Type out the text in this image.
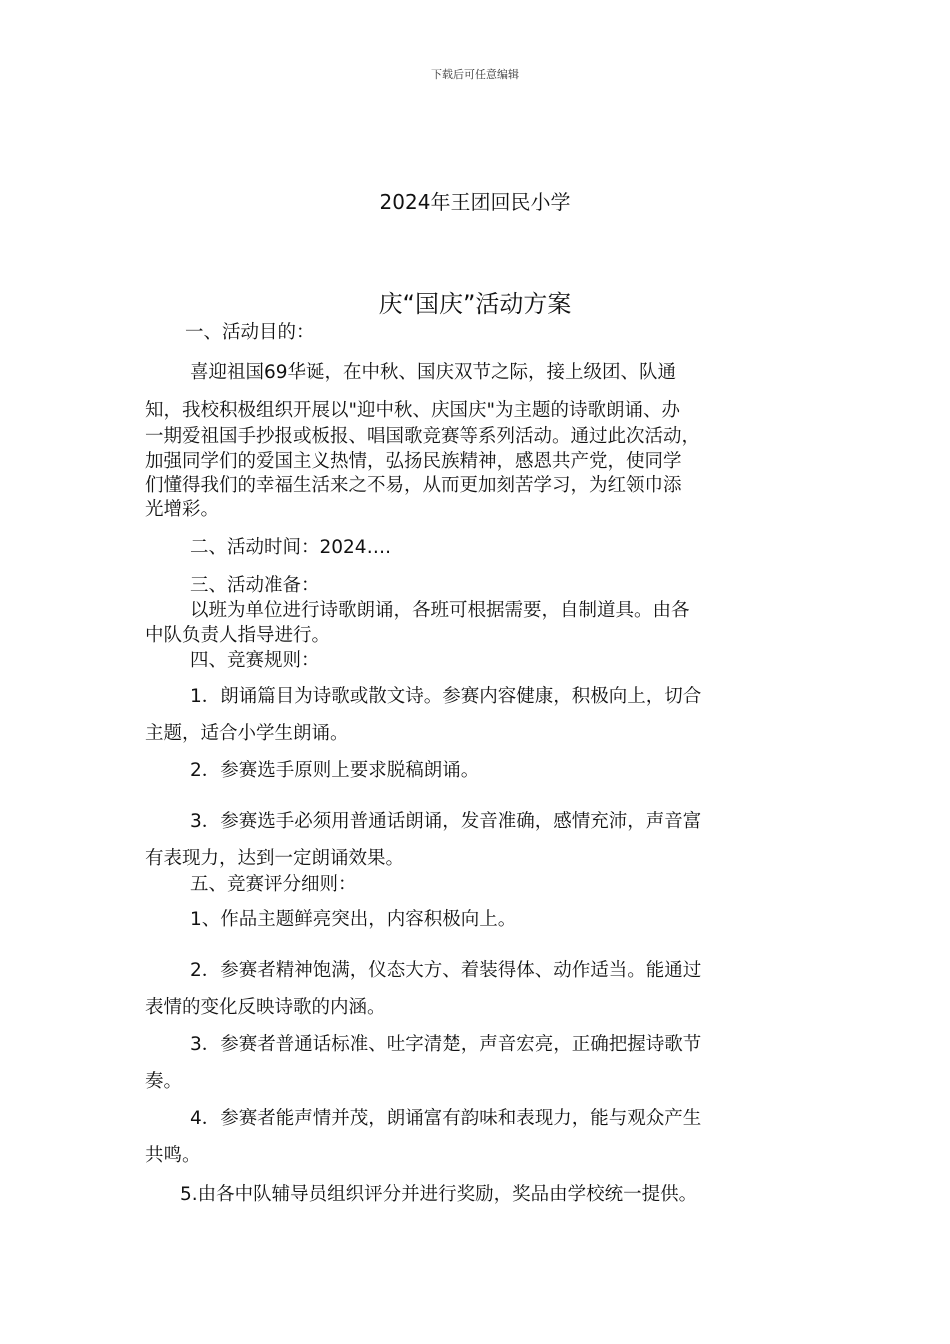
下载后可任意编辑

2024年王团回民小学
庆“国庆”活动方案

一、活动目的：

喜迎祖国69华诞，在中秋、国庆双节之际，接上级团、队通

知，我校积极组织开展以"迎中秋、庆国庆"为主题的诗歌朗诵、办

一期爱祖国手抄报或板报、唱国歌竞赛等系列活动。通过此次活动，

加强同学们的爱国主义热情，弘扬民族精神，感恩共产党，使同学

们懂得我们的幸福生活来之不易，从而更加刻苦学习，为红领巾添

光增彩。

二、活动时间：2024….

三、活动准备：

以班为单位进行诗歌朗诵，各班可根据需要，自制道具。由各

中队负责人指导进行。

四、竞赛规则：

1．朗诵篇目为诗歌或散文诗。参赛内容健康，积极向上，切合

主题，适合小学生朗诵。

2．参赛选手原则上要求脱稿朗诵。

3．参赛选手必须用普通话朗诵，发音准确，感情充沛，声音富

有表现力，达到一定朗诵效果。

五、竞赛评分细则：

1、作品主题鲜亮突出，内容积极向上。

2．参赛者精神饱满，仪态大方、着装得体、动作适当。能通过

表情的变化反映诗歌的内涵。

3．参赛者普通话标准、吐字清楚，声音宏亮，正确把握诗歌节

奏。

4．参赛者能声情并茂，朗诵富有韵味和表现力，能与观众产生

共鸣。

5.由各中队辅导员组织评分并进行奖励，奖品由学校统一提供。
